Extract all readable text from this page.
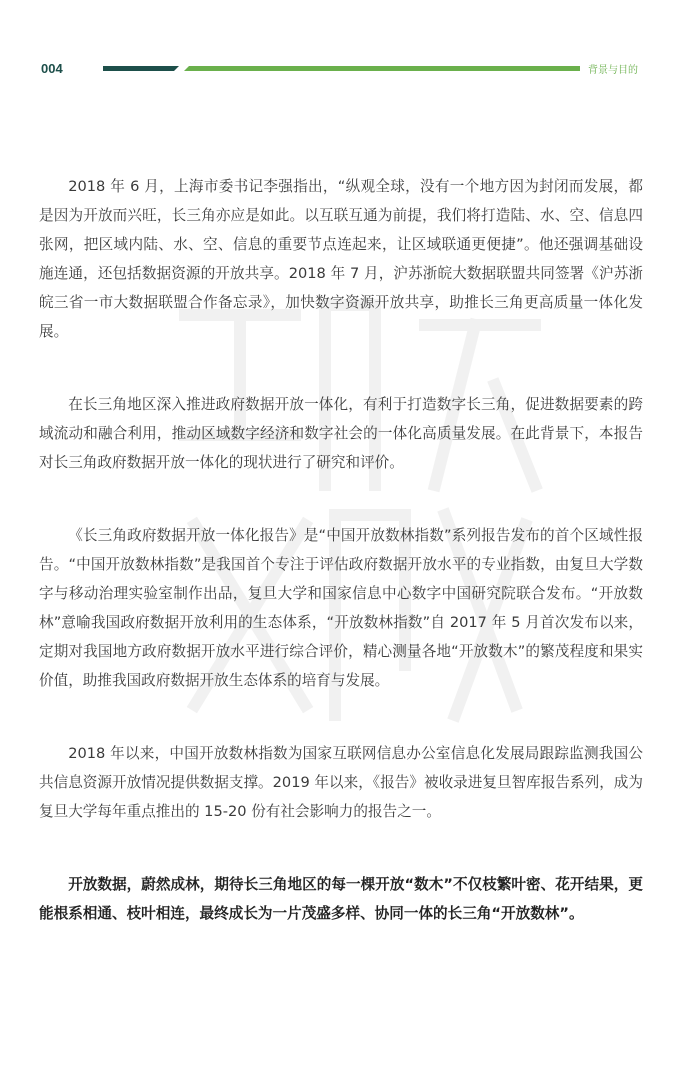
004	背景与目的

2018 年 6 月，上海市委书记李强指出，“纵观全球，没有一个地方因为封闭而发展，都是因为开放而兴旺，长三角亦应是如此。以互联互通为前提，我们将打造陆、水、空、信息四张网，把区域内陆、水、空、信息的重要节点连起来，让区域联通更便捷”。他还强调基础设施连通，还包括数据资源的开放共享。2018 年 7 月，沪苏浙皖大数据联盟共同签署《沪苏浙皖三省一市大数据联盟合作备忘录》，加快数字资源开放共享，助推长三角更高质量一体化发展。

在长三角地区深入推进政府数据开放一体化，有利于打造数字长三角，促进数据要素的跨域流动和融合利用，推动区域数字经济和数字社会的一体化高质量发展。在此背景下，本报告对长三角政府数据开放一体化的现状进行了研究和评价。

《长三角政府数据开放一体化报告》是“中国开放数林指数”系列报告发布的首个区域性报告。“中国开放数林指数”是我国首个专注于评估政府数据开放水平的专业指数，由复旦大学数字与移动治理实验室制作出品，复旦大学和国家信息中心数字中国研究院联合发布。“开放数林”意喻我国政府数据开放利用的生态体系，“开放数林指数”自 2017 年 5 月首次发布以来，定期对我国地方政府数据开放水平进行综合评价，精心测量各地“开放数木”的繁茂程度和果实价值，助推我国政府数据开放生态体系的培育与发展。

2018 年以来，中国开放数林指数为国家互联网信息办公室信息化发展局跟踪监测我国公共信息资源开放情况提供数据支撑。2019 年以来，《报告》被收录进复旦智库报告系列，成为复旦大学每年重点推出的 15-20 份有社会影响力的报告之一。

开放数据，蔚然成林，期待长三角地区的每一棵开放“数木”不仅枝繁叶密、花开结果，更能根系相通、枝叶相连，最终成长为一片茂盛多样、协同一体的长三角“开放数林”。
